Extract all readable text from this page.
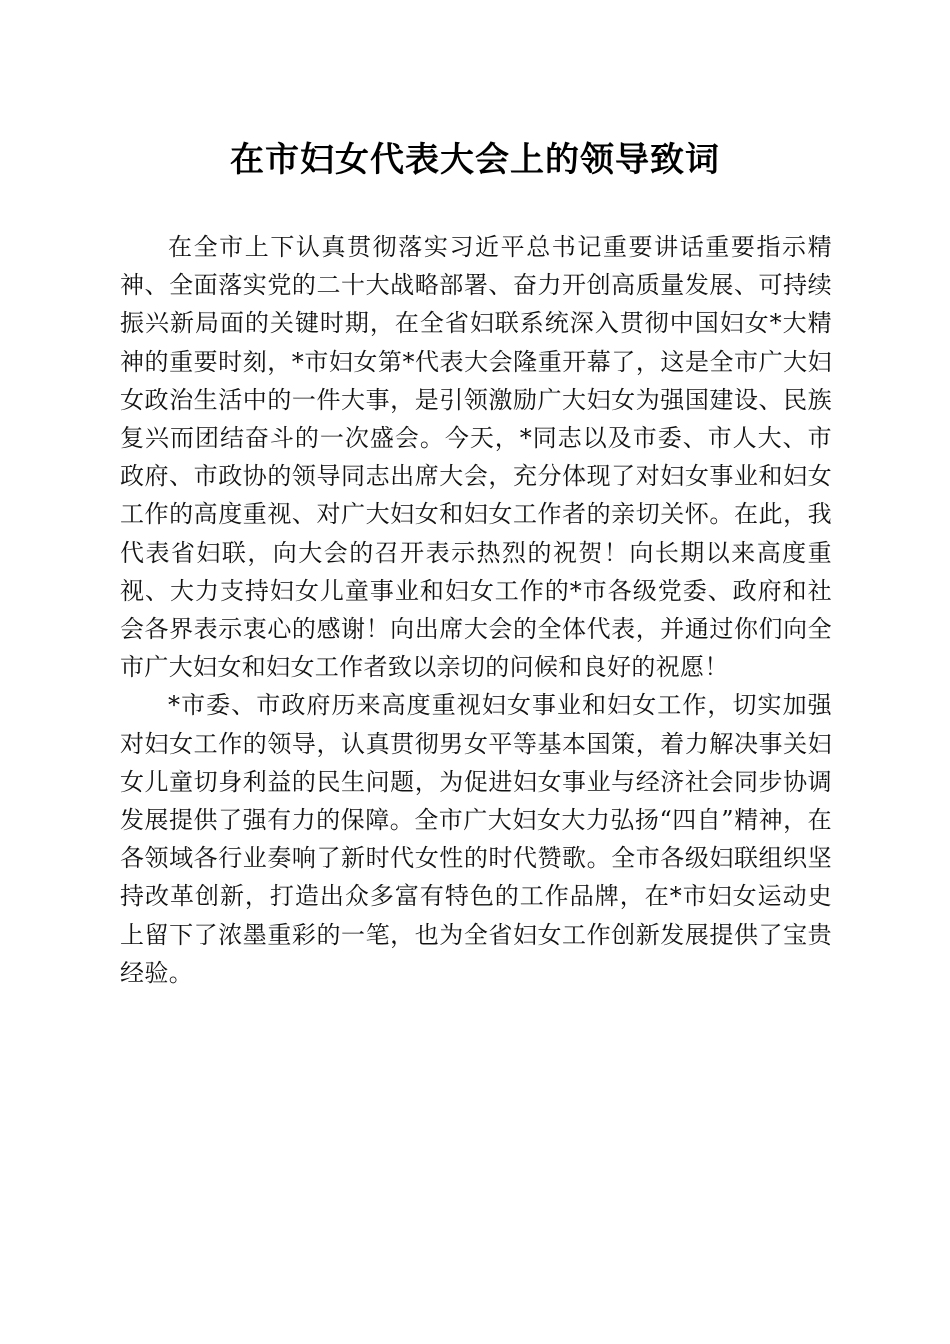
在市妇女代表大会上的领导致词

在全市上下认真贯彻落实习近平总书记重要讲话重要指示精神、全面落实党的二十大战略部署、奋力开创高质量发展、可持续振兴新局面的关键时期，在全省妇联系统深入贯彻中国妇女*大精神的重要时刻，*市妇女第*代表大会隆重开幕了，这是全市广大妇女政治生活中的一件大事，是引领激励广大妇女为强国建设、民族复兴而团结奋斗的一次盛会。今天，*同志以及市委、市人大、市政府、市政协的领导同志出席大会，充分体现了对妇女事业和妇女工作的高度重视、对广大妇女和妇女工作者的亲切关怀。在此，我代表省妇联，向大会的召开表示热烈的祝贺！向长期以来高度重视、大力支持妇女儿童事业和妇女工作的*市各级党委、政府和社会各界表示衷心的感谢！向出席大会的全体代表，并通过你们向全市广大妇女和妇女工作者致以亲切的问候和良好的祝愿！

*市委、市政府历来高度重视妇女事业和妇女工作，切实加强对妇女工作的领导，认真贯彻男女平等基本国策，着力解决事关妇女儿童切身利益的民生问题，为促进妇女事业与经济社会同步协调发展提供了强有力的保障。全市广大妇女大力弘扬“四自”精神，在各领域各行业奏响了新时代女性的时代赞歌。全市各级妇联组织坚持改革创新，打造出众多富有特色的工作品牌，在*市妇女运动史上留下了浓墨重彩的一笔，也为全省妇女工作创新发展提供了宝贵经验。
